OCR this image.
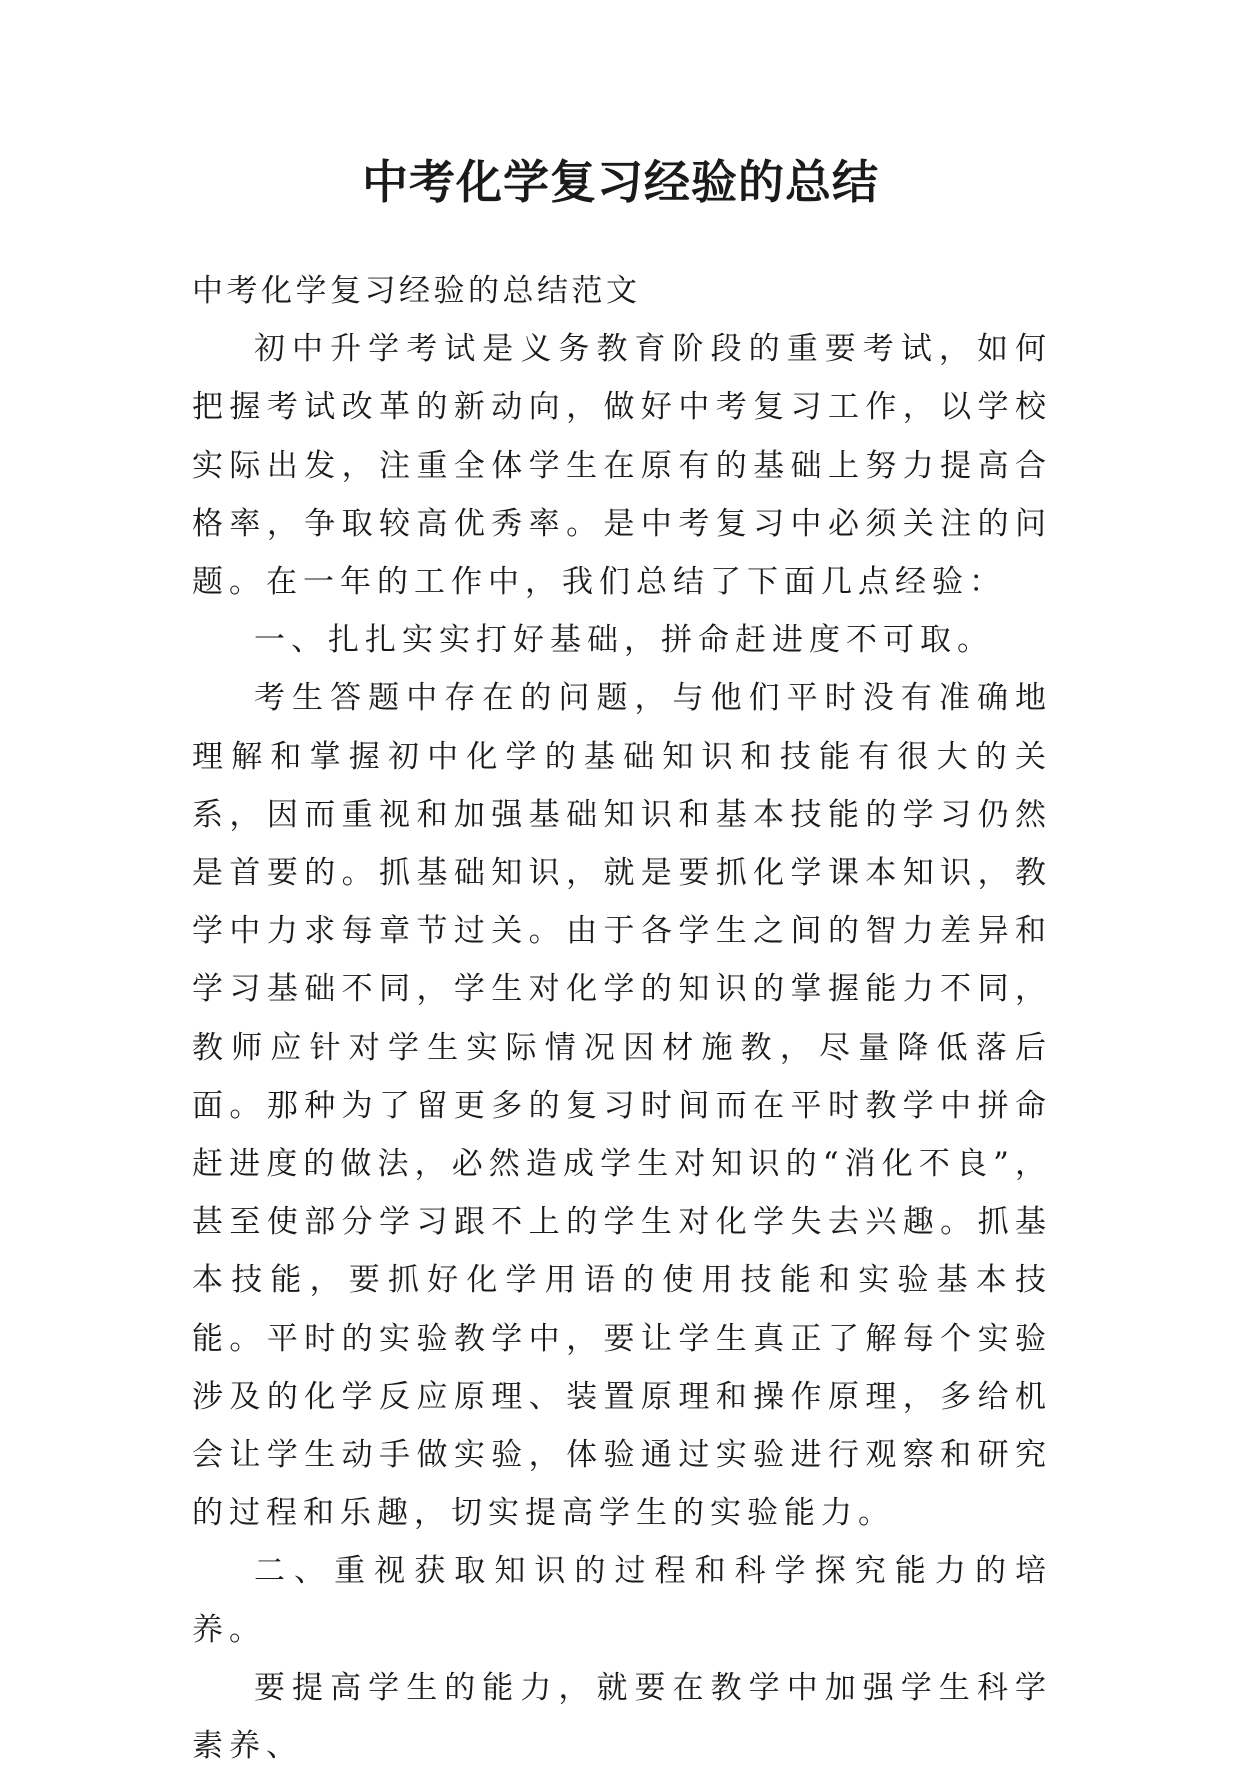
中考化学复习经验的总结

中考化学复习经验的总结范文

初中升学考试是义务教育阶段的重要考试，如何把握考试改革的新动向，做好中考复习工作，以学校实际出发，注重全体学生在原有的基础上努力提高合格率，争取较高优秀率。是中考复习中必须关注的问题。在一年的工作中，我们总结了下面几点经验：

一、扎扎实实打好基础，拼命赶进度不可取。

考生答题中存在的问题，与他们平时没有准确地理解和掌握初中化学的基础知识和技能有很大的关系，因而重视和加强基础知识和基本技能的学习仍然是首要的。抓基础知识，就是要抓化学课本知识，教学中力求每章节过关。由于各学生之间的智力差异和学习基础不同，学生对化学的知识的掌握能力不同，教师应针对学生实际情况因材施教，尽量降低落后面。那种为了留更多的复习时间而在平时教学中拼命赶进度的做法，必然造成学生对知识的“消化不良”，甚至使部分学习跟不上的学生对化学失去兴趣。抓基本技能，要抓好化学用语的使用技能和实验基本技能。平时的实验教学中，要让学生真正了解每个实验涉及的化学反应原理、装置原理和操作原理，多给机会让学生动手做实验，体验通过实验进行观察和研究的过程和乐趣，切实提高学生的实验能力。

二、重视获取知识的过程和科学探究能力的培养。

要提高学生的能力，就要在教学中加强学生科学素养、
